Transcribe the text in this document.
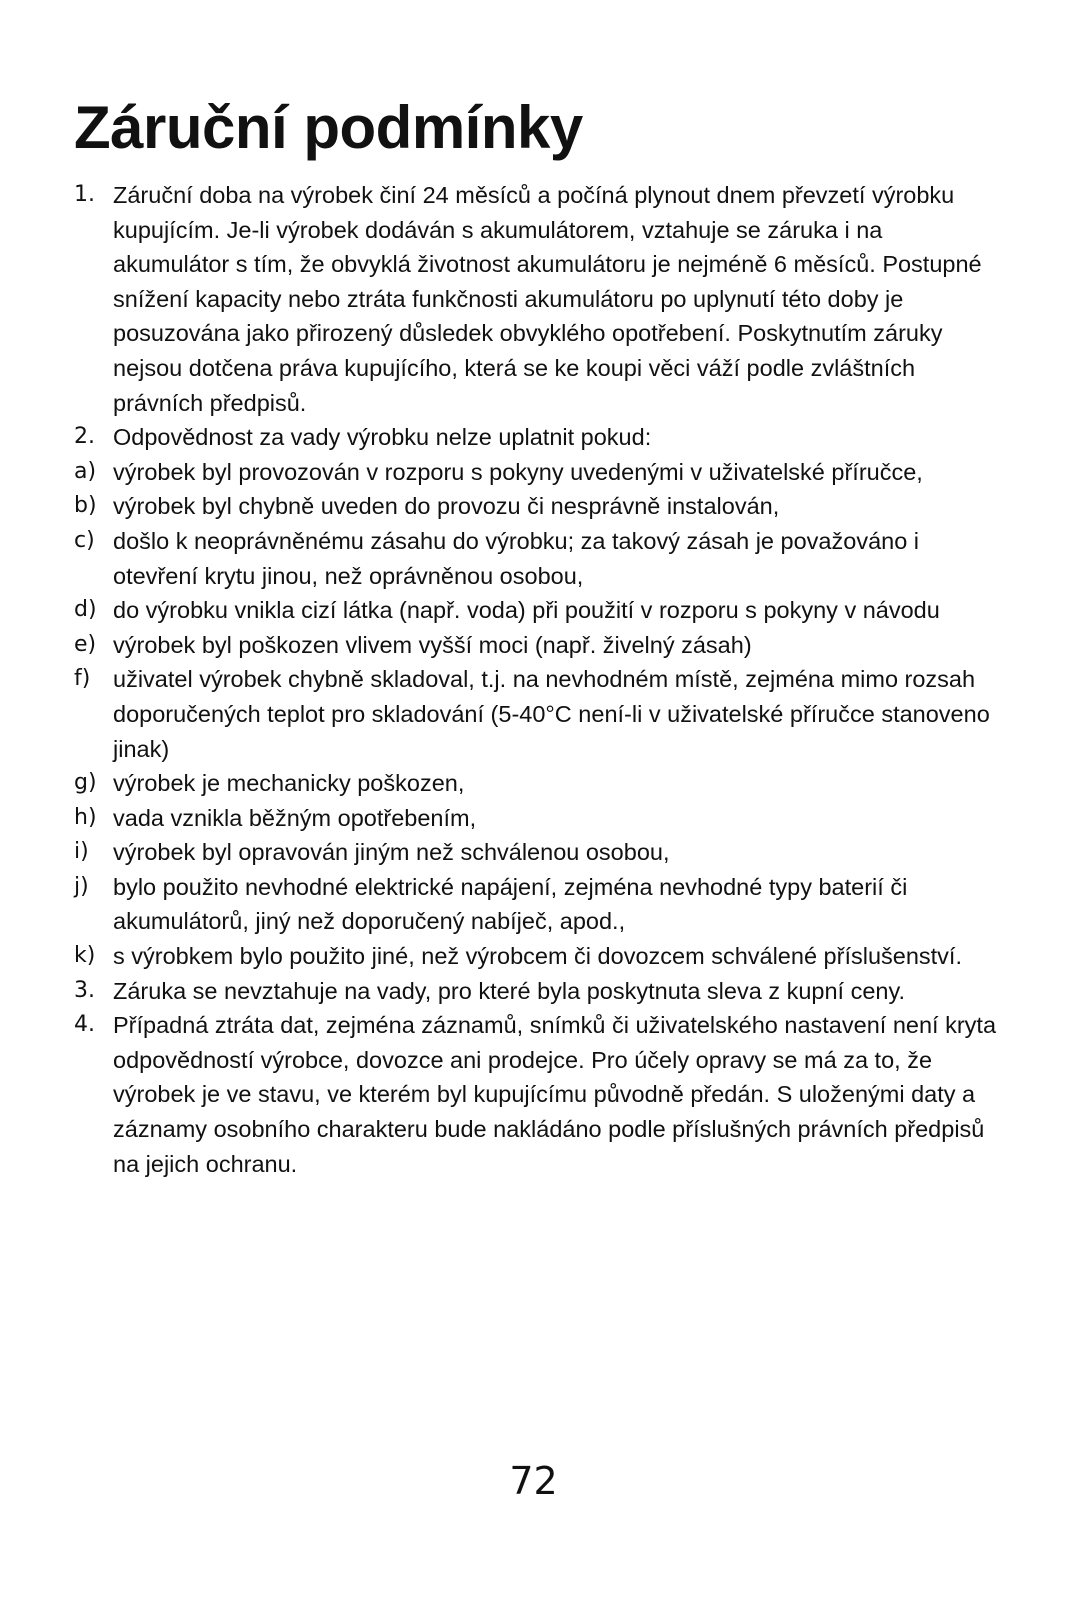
Záruční podmínky
1. Záruční doba na výrobek činí 24 měsíců a počíná plynout dnem převzetí výrobku kupujícím. Je-li výrobek dodáván s akumulátorem, vztahuje se záruka i na akumulátor s tím, že obvyklá životnost akumulátoru je nejméně 6 měsíců. Postupné snížení kapacity nebo ztráta funkčnosti akumulátoru po uplynutí této doby je posuzována jako přirozený důsledek obvyklého opotřebení. Poskytnutím záruky nejsou dotčena práva kupujícího, která se ke koupi věci váží podle zvláštních právních předpisů.
2. Odpovědnost za vady výrobku nelze uplatnit pokud:
a) výrobek byl provozován v rozporu s pokyny uvedenými v uživatelské příručce,
b) výrobek byl chybně uveden do provozu či nesprávně instalován,
c) došlo k neoprávněnému zásahu do výrobku; za takový zásah je považováno i otevření krytu jinou, než oprávněnou osobou,
d) do výrobku vnikla cizí látka (např. voda) při použití v rozporu s pokyny v návodu
e) výrobek byl poškozen vlivem vyšší moci (např. živelný zásah)
f) uživatel výrobek chybně skladoval, t.j. na nevhodném místě, zejména mimo rozsah doporučených teplot pro skladování (5-40°C není-li v uživatelské příručce stanoveno jinak)
g) výrobek je mechanicky poškozen,
h) vada vznikla běžným opotřebením,
i)	výrobek byl opravován jiným než schválenou osobou,
j)	bylo použito nevhodné elektrické napájení, zejména nevhodné typy baterií či akumulátorů, jiný než doporučený nabíječ, apod.,
k) s výrobkem bylo použito jiné, než výrobcem či dovozcem schválené příslušenství.
3. Záruka se nevztahuje na vady, pro které byla poskytnuta sleva z kupní ceny.
4. Případná ztráta dat, zejména záznamů, snímků či uživatelského nastavení není kryta odpovědností výrobce, dovozce ani prodejce. Pro účely opravy se má za to, že výrobek je ve stavu, ve kterém byl kupujícímu původně předán. S uloženými daty a záznamy osobního charakteru bude nakládáno podle příslušných právních předpisů na jejich ochranu.
72
